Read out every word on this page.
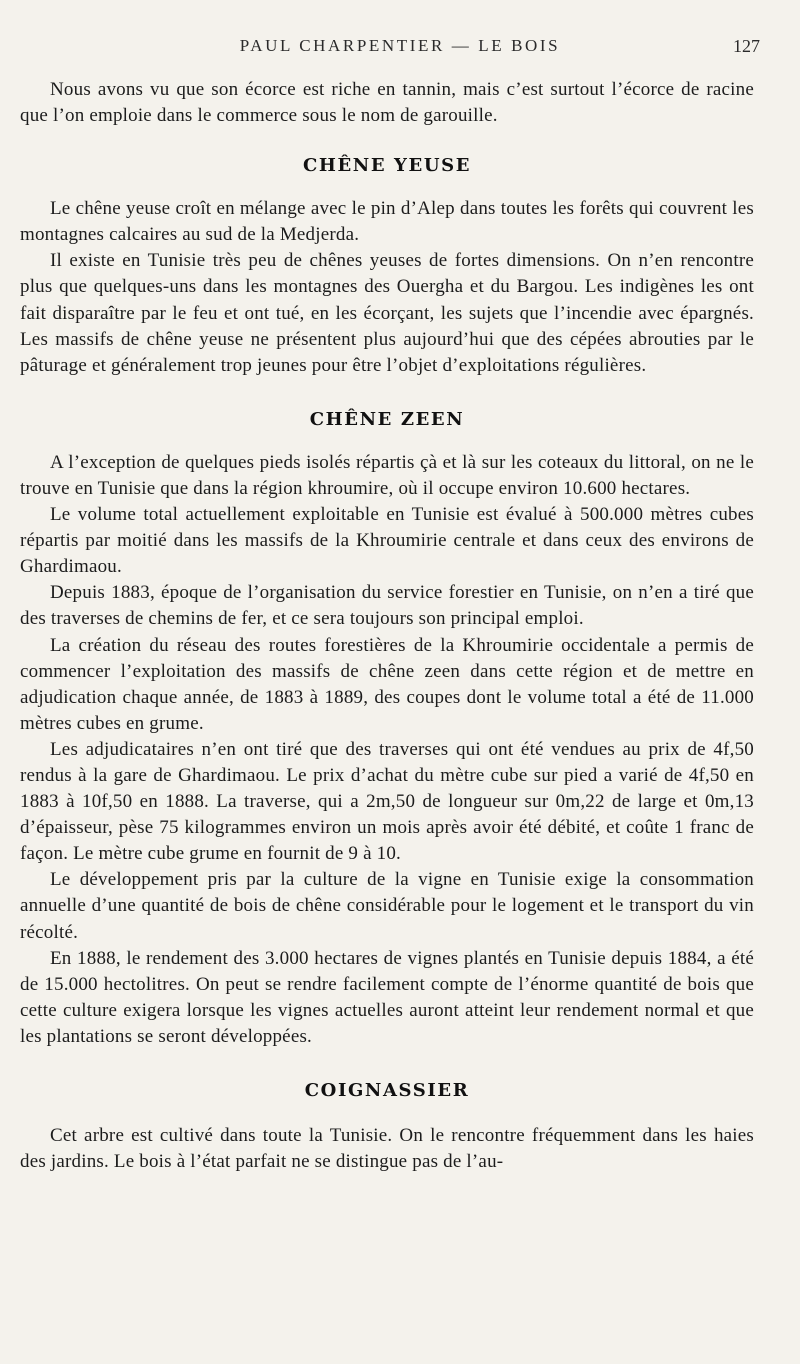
PAUL CHARPENTIER — LE BOIS	127

Nous avons vu que son écorce est riche en tannin, mais c’est surtout l’écorce de racine que l’on emploie dans le commerce sous le nom de garouille.

CHÊNE YEUSE

Le chêne yeuse croît en mélange avec le pin d’Alep dans toutes les forêts qui couvrent les montagnes calcaires au sud de la Medjerda.

Il existe en Tunisie très peu de chênes yeuses de fortes dimensions. On n’en rencontre plus que quelques-uns dans les montagnes des Ouergha et du Bargou. Les indigènes les ont fait disparaître par le feu et ont tué, en les écorçant, les sujets que l’incendie avec épargnés. Les massifs de chêne yeuse ne présentent plus aujourd’hui que des cépées abrouties par le pâturage et généralement trop jeunes pour être l’objet d’exploitations régulières.

CHÊNE ZEEN

A l’exception de quelques pieds isolés répartis çà et là sur les coteaux du littoral, on ne le trouve en Tunisie que dans la région khroumire, où il occupe environ 10.600 hectares.

Le volume total actuellement exploitable en Tunisie est évalué à 500.000 mètres cubes répartis par moitié dans les massifs de la Khroumirie centrale et dans ceux des environs de Ghardimaou.

Depuis 1883, époque de l’organisation du service forestier en Tunisie, on n’en a tiré que des traverses de chemins de fer, et ce sera toujours son principal emploi.

La création du réseau des routes forestières de la Khroumirie occidentale a permis de commencer l’exploitation des massifs de chêne zeen dans cette région et de mettre en adjudication chaque année, de 1883 à 1889, des coupes dont le volume total a été de 11.000 mètres cubes en grume.

Les adjudicataires n’en ont tiré que des traverses qui ont été vendues au prix de 4f,50 rendus à la gare de Ghardimaou. Le prix d’achat du mètre cube sur pied a varié de 4f,50 en 1883 à 10f,50 en 1888. La traverse, qui a 2m,50 de longueur sur 0m,22 de large et 0m,13 d’épaisseur, pèse 75 kilogrammes environ un mois après avoir été débité, et coûte 1 franc de façon. Le mètre cube grume en fournit de 9 à 10.

Le développement pris par la culture de la vigne en Tunisie exige la consommation annuelle d’une quantité de bois de chêne considérable pour le logement et le transport du vin récolté.

En 1888, le rendement des 3.000 hectares de vignes plantés en Tunisie depuis 1884, a été de 15.000 hectolitres. On peut se rendre facilement compte de l’énorme quantité de bois que cette culture exigera lorsque les vignes actuelles auront atteint leur rendement normal et que les plantations se seront développées.

COIGNASSIER

Cet arbre est cultivé dans toute la Tunisie. On le rencontre fréquemment dans les haies des jardins. Le bois à l’état parfait ne se distingue pas de l’au-
